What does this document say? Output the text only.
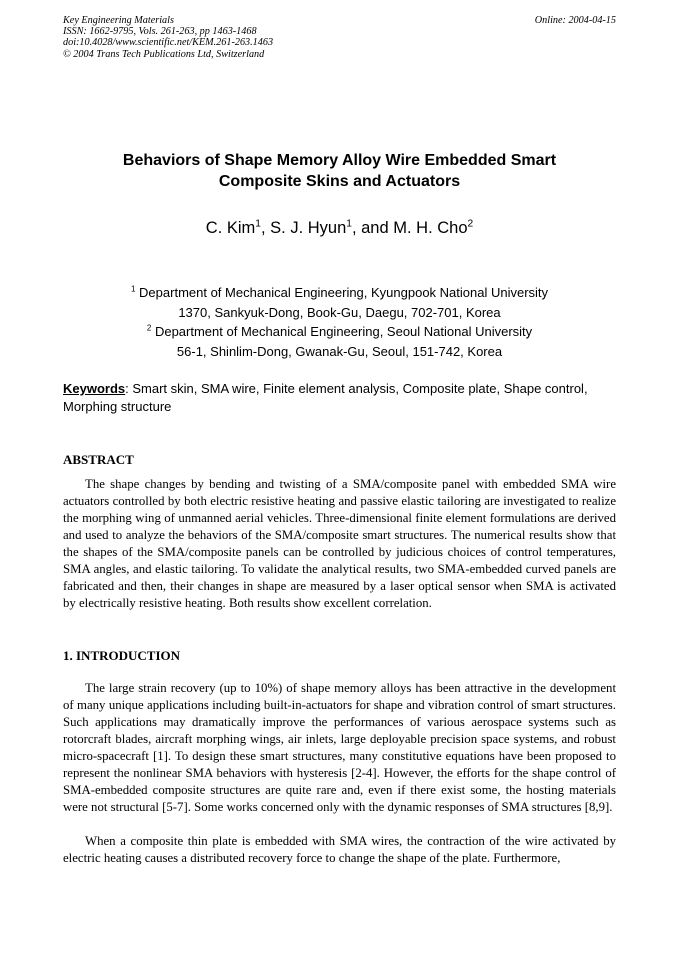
Key Engineering Materials
ISSN: 1662-9795, Vols. 261-263, pp 1463-1468
doi:10.4028/www.scientific.net/KEM.261-263.1463
© 2004 Trans Tech Publications Ltd, Switzerland
Online: 2004-04-15
Behaviors of Shape Memory Alloy Wire Embedded Smart
Composite Skins and Actuators
C. Kim$^1$, S. J. Hyun$^1$, and M. H. Cho$^2$
$^1$ Department of Mechanical Engineering, Kyungpook National University
1370, Sankyuk-Dong, Book-Gu, Daegu, 702-701, Korea
$^2$ Department of Mechanical Engineering, Seoul National University
56-1, Shinlim-Dong, Gwanak-Gu, Seoul, 151-742, Korea
Keywords: Smart skin, SMA wire, Finite element analysis, Composite plate, Shape control, Morphing structure
ABSTRACT

The shape changes by bending and twisting of a SMA/composite panel with embedded SMA wire actuators controlled by both electric resistive heating and passive elastic tailoring are investigated to realize the morphing wing of unmanned aerial vehicles. Three-dimensional finite element formulations are derived and used to analyze the behaviors of the SMA/composite smart structures. The numerical results show that the shapes of the SMA/composite panels can be controlled by judicious choices of control temperatures, SMA angles, and elastic tailoring. To validate the analytical results, two SMA-embedded curved panels are fabricated and then, their changes in shape are measured by a laser optical sensor when SMA is activated by electrically resistive heating. Both results show excellent correlation.

1. INTRODUCTION

The large strain recovery (up to 10%) of shape memory alloys has been attractive in the development of many unique applications including built-in-actuators for shape and vibration control of smart structures. Such applications may dramatically improve the performances of various aerospace systems such as rotorcraft blades, aircraft morphing wings, air inlets, large deployable precision space systems, and robust micro-spacecraft [1]. To design these smart structures, many constitutive equations have been proposed to represent the nonlinear SMA behaviors with hysteresis [2-4]. However, the efforts for the shape control of SMA-embedded composite structures are quite rare and, even if there exist some, the hosting materials were not structural [5-7]. Some works concerned only with the dynamic responses of SMA structures [8,9].

When a composite thin plate is embedded with SMA wires, the contraction of the wire activated by electric heating causes a distributed recovery force to change the shape of the plate. Furthermore,
